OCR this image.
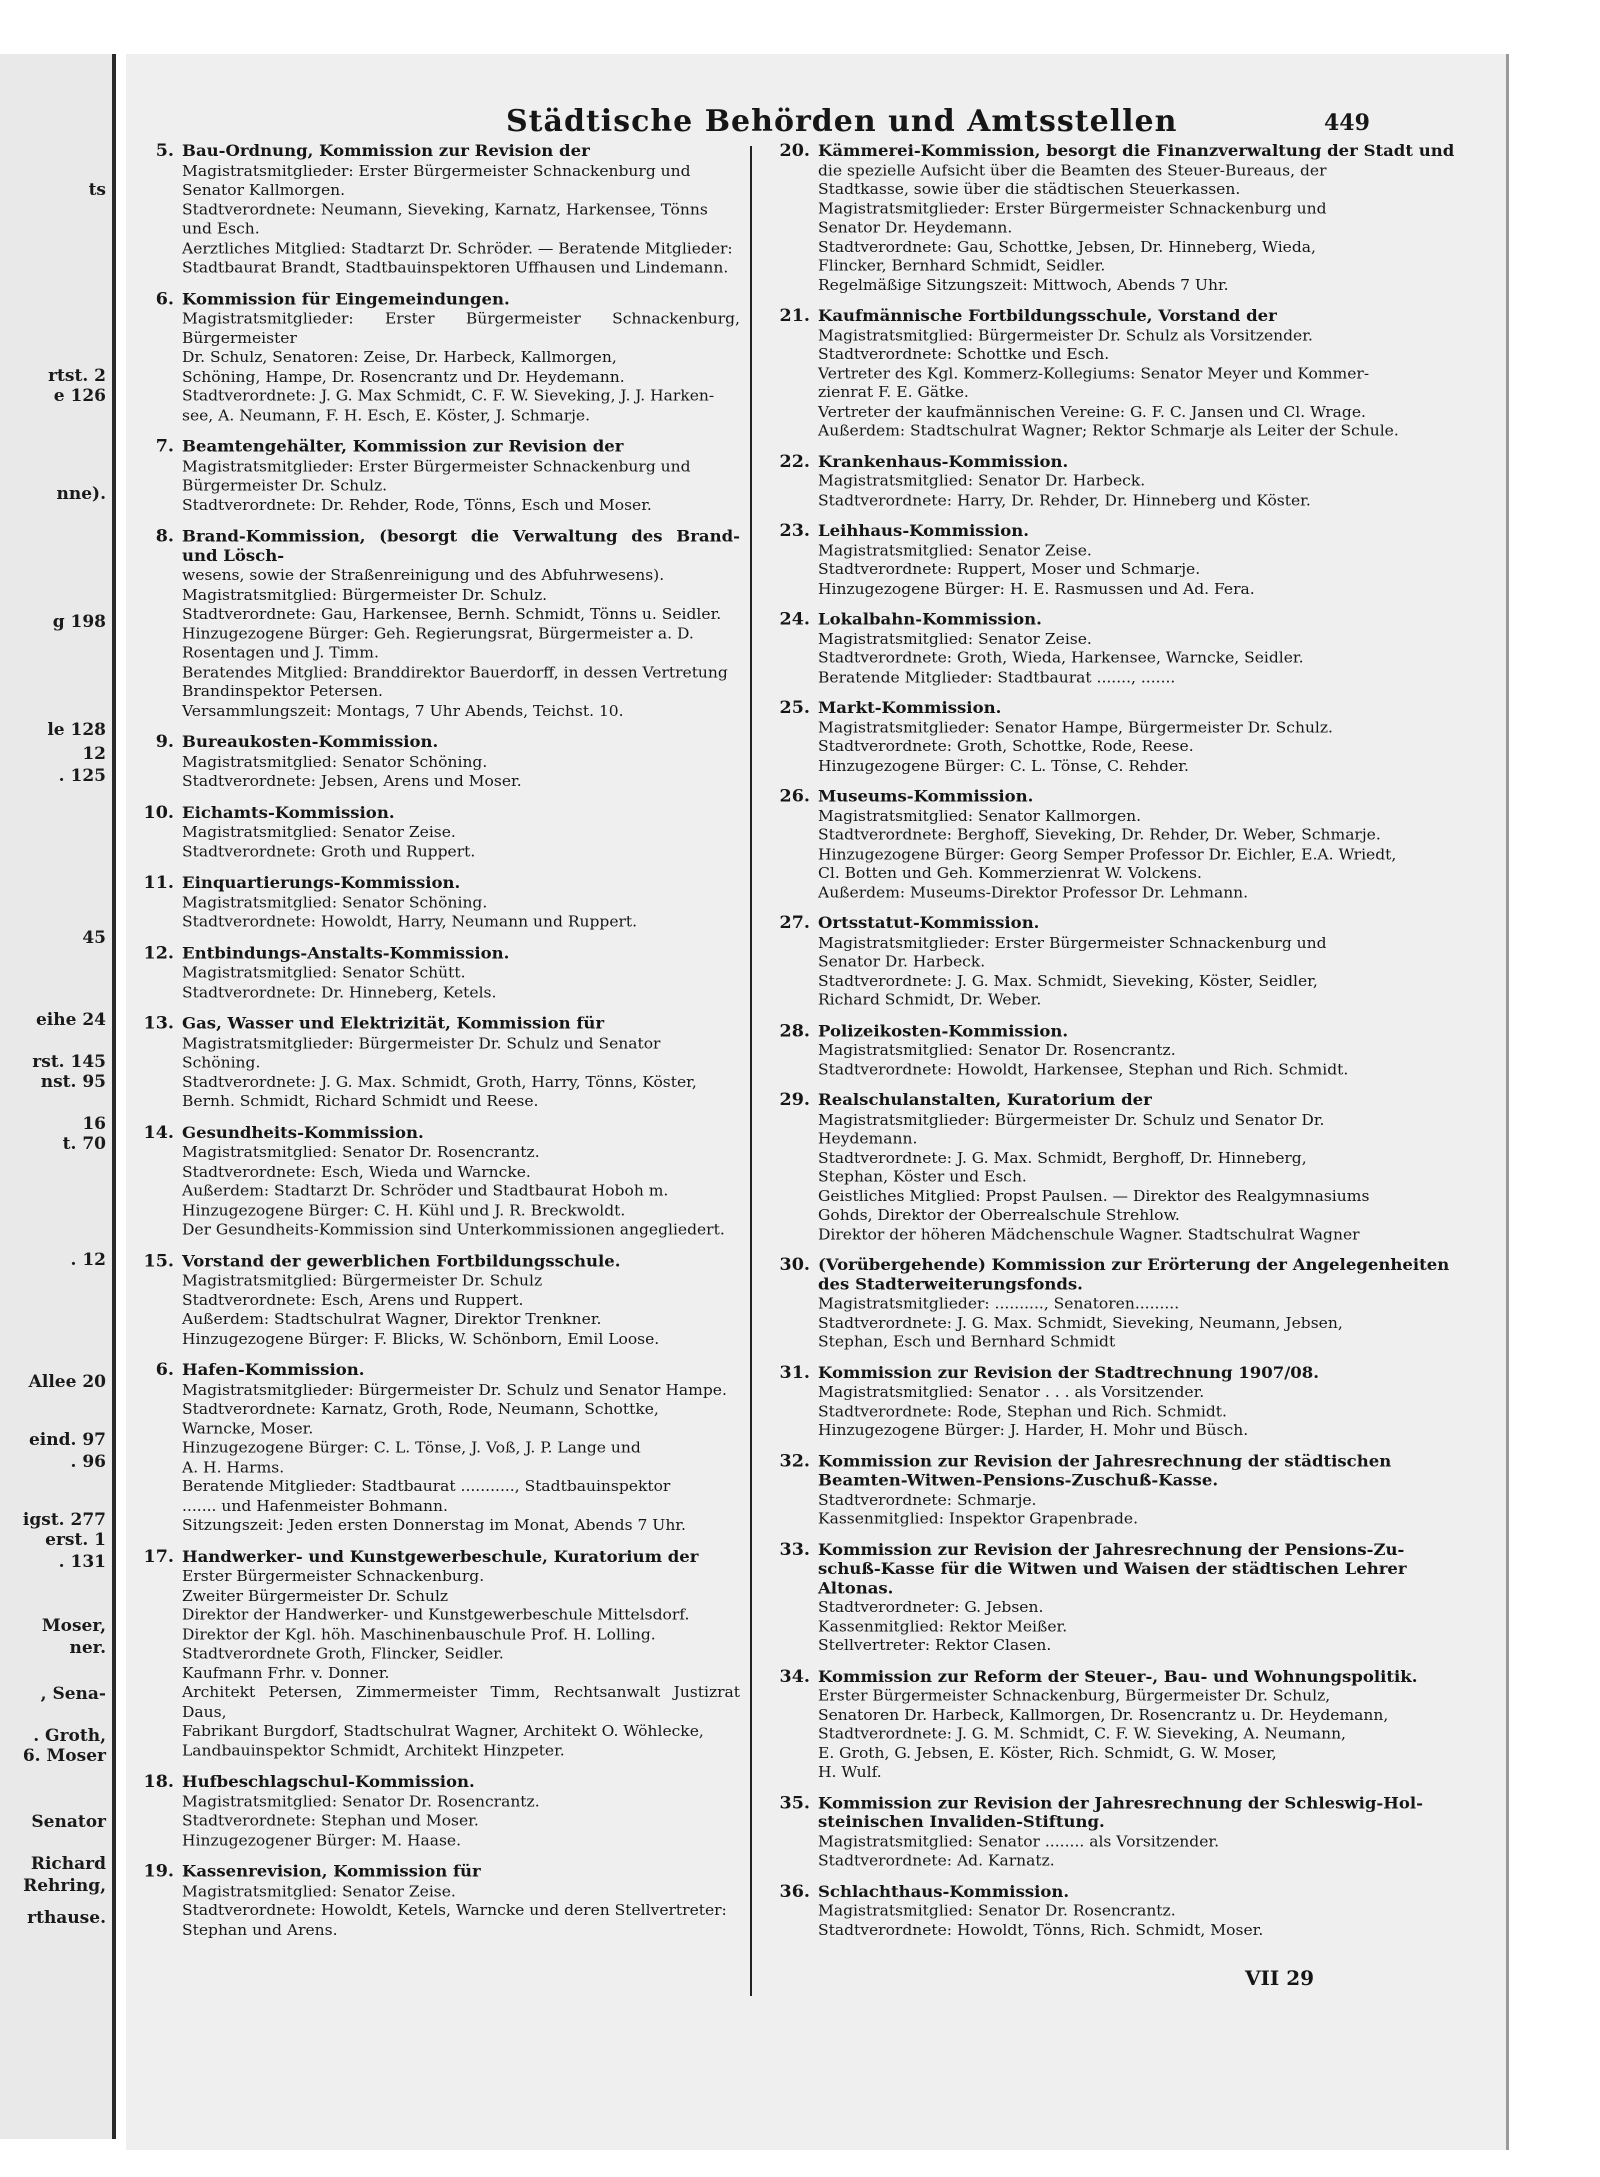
ts
rtst. 2
e 126
nne).
g 198
le 128
12
. 125
45
eihe 24
rst. 145
nst. 95
16
t. 70
. 12
Allee 20
eind. 97
. 96
igst. 277
erst. 1
. 131
Moser,
ner.
, Sena-
. Groth,
6. Moser
Senator
Richard
Rehring,
rthause.
Städtische Behörden und Amtsstellen	449
5. Bau-Ordnung, Kommission zur Revision der
Magistratsmitglieder: Erster Bürgermeister Schnackenburg und
Senator Kallmorgen.
Stadtverordnete: Neumann, Sieveking, Karnatz, Harkensee, Tönns
und Esch.
Aerztliches Mitglied: Stadtarzt Dr. Schröder. — Beratende Mitglieder:
Stadtbaurat Brandt, Stadtbauinspektoren Uffhausen und Lindemann.
6. Kommission für Eingemeindungen.
Magistratsmitglieder: Erster Bürgermeister Schnackenburg, Bürgermeister
Dr. Schulz, Senatoren: Zeise, Dr. Harbeck, Kallmorgen,
Schöning, Hampe, Dr. Rosencrantz und Dr. Heydemann.
Stadtverordnete: J. G. Max Schmidt, C. F. W. Sieveking, J. J. Harken-
see, A. Neumann, F. H. Esch, E. Köster, J. Schmarje.
7. Beamtengehälter, Kommission zur Revision der
Magistratsmitglieder: Erster Bürgermeister Schnackenburg und
Bürgermeister Dr. Schulz.
Stadtverordnete: Dr. Rehder, Rode, Tönns, Esch und Moser.
8. Brand-Kommission, (besorgt die Verwaltung des Brand- und Lösch-
wesens, sowie der Straßenreinigung und des Abfuhrwesens).
Magistratsmitglied: Bürgermeister Dr. Schulz.
Stadtverordnete: Gau, Harkensee, Bernh. Schmidt, Tönns u. Seidler.
Hinzugezogene Bürger: Geh. Regierungsrat, Bürgermeister a. D.
Rosentagen und J. Timm.
Beratendes Mitglied: Branddirektor Bauerdorff, in dessen Vertretung
Brandinspektor Petersen.
Versammlungszeit: Montags, 7 Uhr Abends, Teichst. 10.
9. Bureaukosten-Kommission.
Magistratsmitglied: Senator Schöning.
Stadtverordnete: Jebsen, Arens und Moser.
10. Eichamts-Kommission.
Magistratsmitglied: Senator Zeise.
Stadtverordnete: Groth und Ruppert.
11. Einquartierungs-Kommission.
Magistratsmitglied: Senator Schöning.
Stadtverordnete: Howoldt, Harry, Neumann und Ruppert.
12. Entbindungs-Anstalts-Kommission.
Magistratsmitglied: Senator Schütt.
Stadtverordnete: Dr. Hinneberg, Ketels.
13. Gas, Wasser und Elektrizität, Kommission für
Magistratsmitglieder: Bürgermeister Dr. Schulz und Senator
Schöning.
Stadtverordnete: J. G. Max. Schmidt, Groth, Harry, Tönns, Köster,
Bernh. Schmidt, Richard Schmidt und Reese.
14. Gesundheits-Kommission.
Magistratsmitglied: Senator Dr. Rosencrantz.
Stadtverordnete: Esch, Wieda und Warncke.
Außerdem: Stadtarzt Dr. Schröder und Stadtbaurat Hoboh m.
Hinzugezogene Bürger: C. H. Kühl und J. R. Breckwoldt.
Der Gesundheits-Kommission sind Unterkommissionen angegliedert.
15. Vorstand der gewerblichen Fortbildungsschule.
Magistratsmitglied: Bürgermeister Dr. Schulz
Stadtverordnete: Esch, Arens und Ruppert.
Außerdem: Stadtschulrat Wagner, Direktor Trenkner.
Hinzugezogene Bürger: F. Blicks, W. Schönborn, Emil Loose.
6. Hafen-Kommission.
Magistratsmitglieder: Bürgermeister Dr. Schulz und Senator Hampe.
Stadtverordnete: Karnatz, Groth, Rode, Neumann, Schottke,
Warncke, Moser.
Hinzugezogene Bürger: C. L. Tönse, J. Voß, J. P. Lange und
A. H. Harms.
Beratende Mitglieder: Stadtbaurat ..........., Stadtbauinspektor
....... und Hafenmeister Bohmann.
Sitzungszeit: Jeden ersten Donnerstag im Monat, Abends 7 Uhr.
17. Handwerker- und Kunstgewerbeschule, Kuratorium der
Erster Bürgermeister Schnackenburg.
Zweiter Bürgermeister Dr. Schulz
Direktor der Handwerker- und Kunstgewerbeschule Mittelsdorf.
Direktor der Kgl. höh. Maschinenbauschule Prof. H. Lolling.
Stadtverordnete Groth, Flincker, Seidler.
Kaufmann Frhr. v. Donner.
Architekt Petersen, Zimmermeister Timm, Rechtsanwalt Justizrat Daus,
Fabrikant Burgdorf, Stadtschulrat Wagner, Architekt O. Wöhlecke,
Landbauinspektor Schmidt, Architekt Hinzpeter.
18. Hufbeschlagschul-Kommission.
Magistratsmitglied: Senator Dr. Rosencrantz.
Stadtverordnete: Stephan und Moser.
Hinzugezogener Bürger: M. Haase.
19. Kassenrevision, Kommission für
Magistratsmitglied: Senator Zeise.
Stadtverordnete: Howoldt, Ketels, Warncke und deren Stellvertreter:
Stephan und Arens.
20. Kämmerei-Kommission, besorgt die Finanzverwaltung der Stadt und
die spezielle Aufsicht über die Beamten des Steuer-Bureaus, der
Stadtkasse, sowie über die städtischen Steuerkassen.
Magistratsmitglieder: Erster Bürgermeister Schnackenburg und
Senator Dr. Heydemann.
Stadtverordnete: Gau, Schottke, Jebsen, Dr. Hinneberg, Wieda,
Flincker, Bernhard Schmidt, Seidler.
Regelmäßige Sitzungszeit: Mittwoch, Abends 7 Uhr.
21. Kaufmännische Fortbildungsschule, Vorstand der
Magistratsmitglied: Bürgermeister Dr. Schulz als Vorsitzender.
Stadtverordnete: Schottke und Esch.
Vertreter des Kgl. Kommerz-Kollegiums: Senator Meyer und Kommer-
zienrat F. E. Gätke.
Vertreter der kaufmännischen Vereine: G. F. C. Jansen und Cl. Wrage.
Außerdem: Stadtschulrat Wagner; Rektor Schmarje als Leiter der Schule.
22. Krankenhaus-Kommission.
Magistratsmitglied: Senator Dr. Harbeck.
Stadtverordnete: Harry, Dr. Rehder, Dr. Hinneberg und Köster.
23. Leihhaus-Kommission.
Magistratsmitglied: Senator Zeise.
Stadtverordnete: Ruppert, Moser und Schmarje.
Hinzugezogene Bürger: H. E. Rasmussen und Ad. Fera.
24. Lokalbahn-Kommission.
Magistratsmitglied: Senator Zeise.
Stadtverordnete: Groth, Wieda, Harkensee, Warncke, Seidler.
Beratende Mitglieder: Stadtbaurat ......., .......
25. Markt-Kommission.
Magistratsmitglieder: Senator Hampe, Bürgermeister Dr. Schulz.
Stadtverordnete: Groth, Schottke, Rode, Reese.
Hinzugezogene Bürger: C. L. Tönse, C. Rehder.
26. Museums-Kommission.
Magistratsmitglied: Senator Kallmorgen.
Stadtverordnete: Berghoff, Sieveking, Dr. Rehder, Dr. Weber, Schmarje.
Hinzugezogene Bürger: Georg Semper Professor Dr. Eichler, E.A. Wriedt,
Cl. Botten und Geh. Kommerzienrat W. Volckens.
Außerdem: Museums-Direktor Professor Dr. Lehmann.
27. Ortsstatut-Kommission.
Magistratsmitglieder: Erster Bürgermeister Schnackenburg und
Senator Dr. Harbeck.
Stadtverordnete: J. G. Max. Schmidt, Sieveking, Köster, Seidler,
Richard Schmidt, Dr. Weber.
28. Polizeikosten-Kommission.
Magistratsmitglied: Senator Dr. Rosencrantz.
Stadtverordnete: Howoldt, Harkensee, Stephan und Rich. Schmidt.
29. Realschulanstalten, Kuratorium der
Magistratsmitglieder: Bürgermeister Dr. Schulz und Senator Dr.
Heydemann.
Stadtverordnete: J. G. Max. Schmidt, Berghoff, Dr. Hinneberg,
Stephan, Köster und Esch.
Geistliches Mitglied: Propst Paulsen. — Direktor des Realgymnasiums
Gohds, Direktor der Oberrealschule Strehlow.
Direktor der höheren Mädchenschule Wagner. Stadtschulrat Wagner
30. (Vorübergehende) Kommission zur Erörterung der Angelegenheiten
des Stadterweiterungsfonds.
Magistratsmitglieder: .........., Senatoren.........
Stadtverordnete: J. G. Max. Schmidt, Sieveking, Neumann, Jebsen,
Stephan, Esch und Bernhard Schmidt
31. Kommission zur Revision der Stadtrechnung 1907/08.
Magistratsmitglied: Senator . . . als Vorsitzender.
Stadtverordnete: Rode, Stephan und Rich. Schmidt.
Hinzugezogene Bürger: J. Harder, H. Mohr und Büsch.
32. Kommission zur Revision der Jahresrechnung der städtischen
Beamten-Witwen-Pensions-Zuschuß-Kasse.
Stadtverordnete: Schmarje.
Kassenmitglied: Inspektor Grapenbrade.
33. Kommission zur Revision der Jahresrechnung der Pensions-Zu-
schuß-Kasse für die Witwen und Waisen der städtischen Lehrer
Altonas.
Stadtverordneter: G. Jebsen.
Kassenmitglied: Rektor Meißer.
Stellvertreter: Rektor Clasen.
34. Kommission zur Reform der Steuer-, Bau- und Wohnungspolitik.
Erster Bürgermeister Schnackenburg, Bürgermeister Dr. Schulz,
Senatoren Dr. Harbeck, Kallmorgen, Dr. Rosencrantz u. Dr. Heydemann,
Stadtverordnete: J. G. M. Schmidt, C. F. W. Sieveking, A. Neumann,
E. Groth, G. Jebsen, E. Köster, Rich. Schmidt, G. W. Moser,
H. Wulf.
35. Kommission zur Revision der Jahresrechnung der Schleswig-Hol-
steinischen Invaliden-Stiftung.
Magistratsmitglied: Senator ........ als Vorsitzender.
Stadtverordnete: Ad. Karnatz.
36. Schlachthaus-Kommission.
Magistratsmitglied: Senator Dr. Rosencrantz.
Stadtverordnete: Howoldt, Tönns, Rich. Schmidt, Moser.
VII 29
